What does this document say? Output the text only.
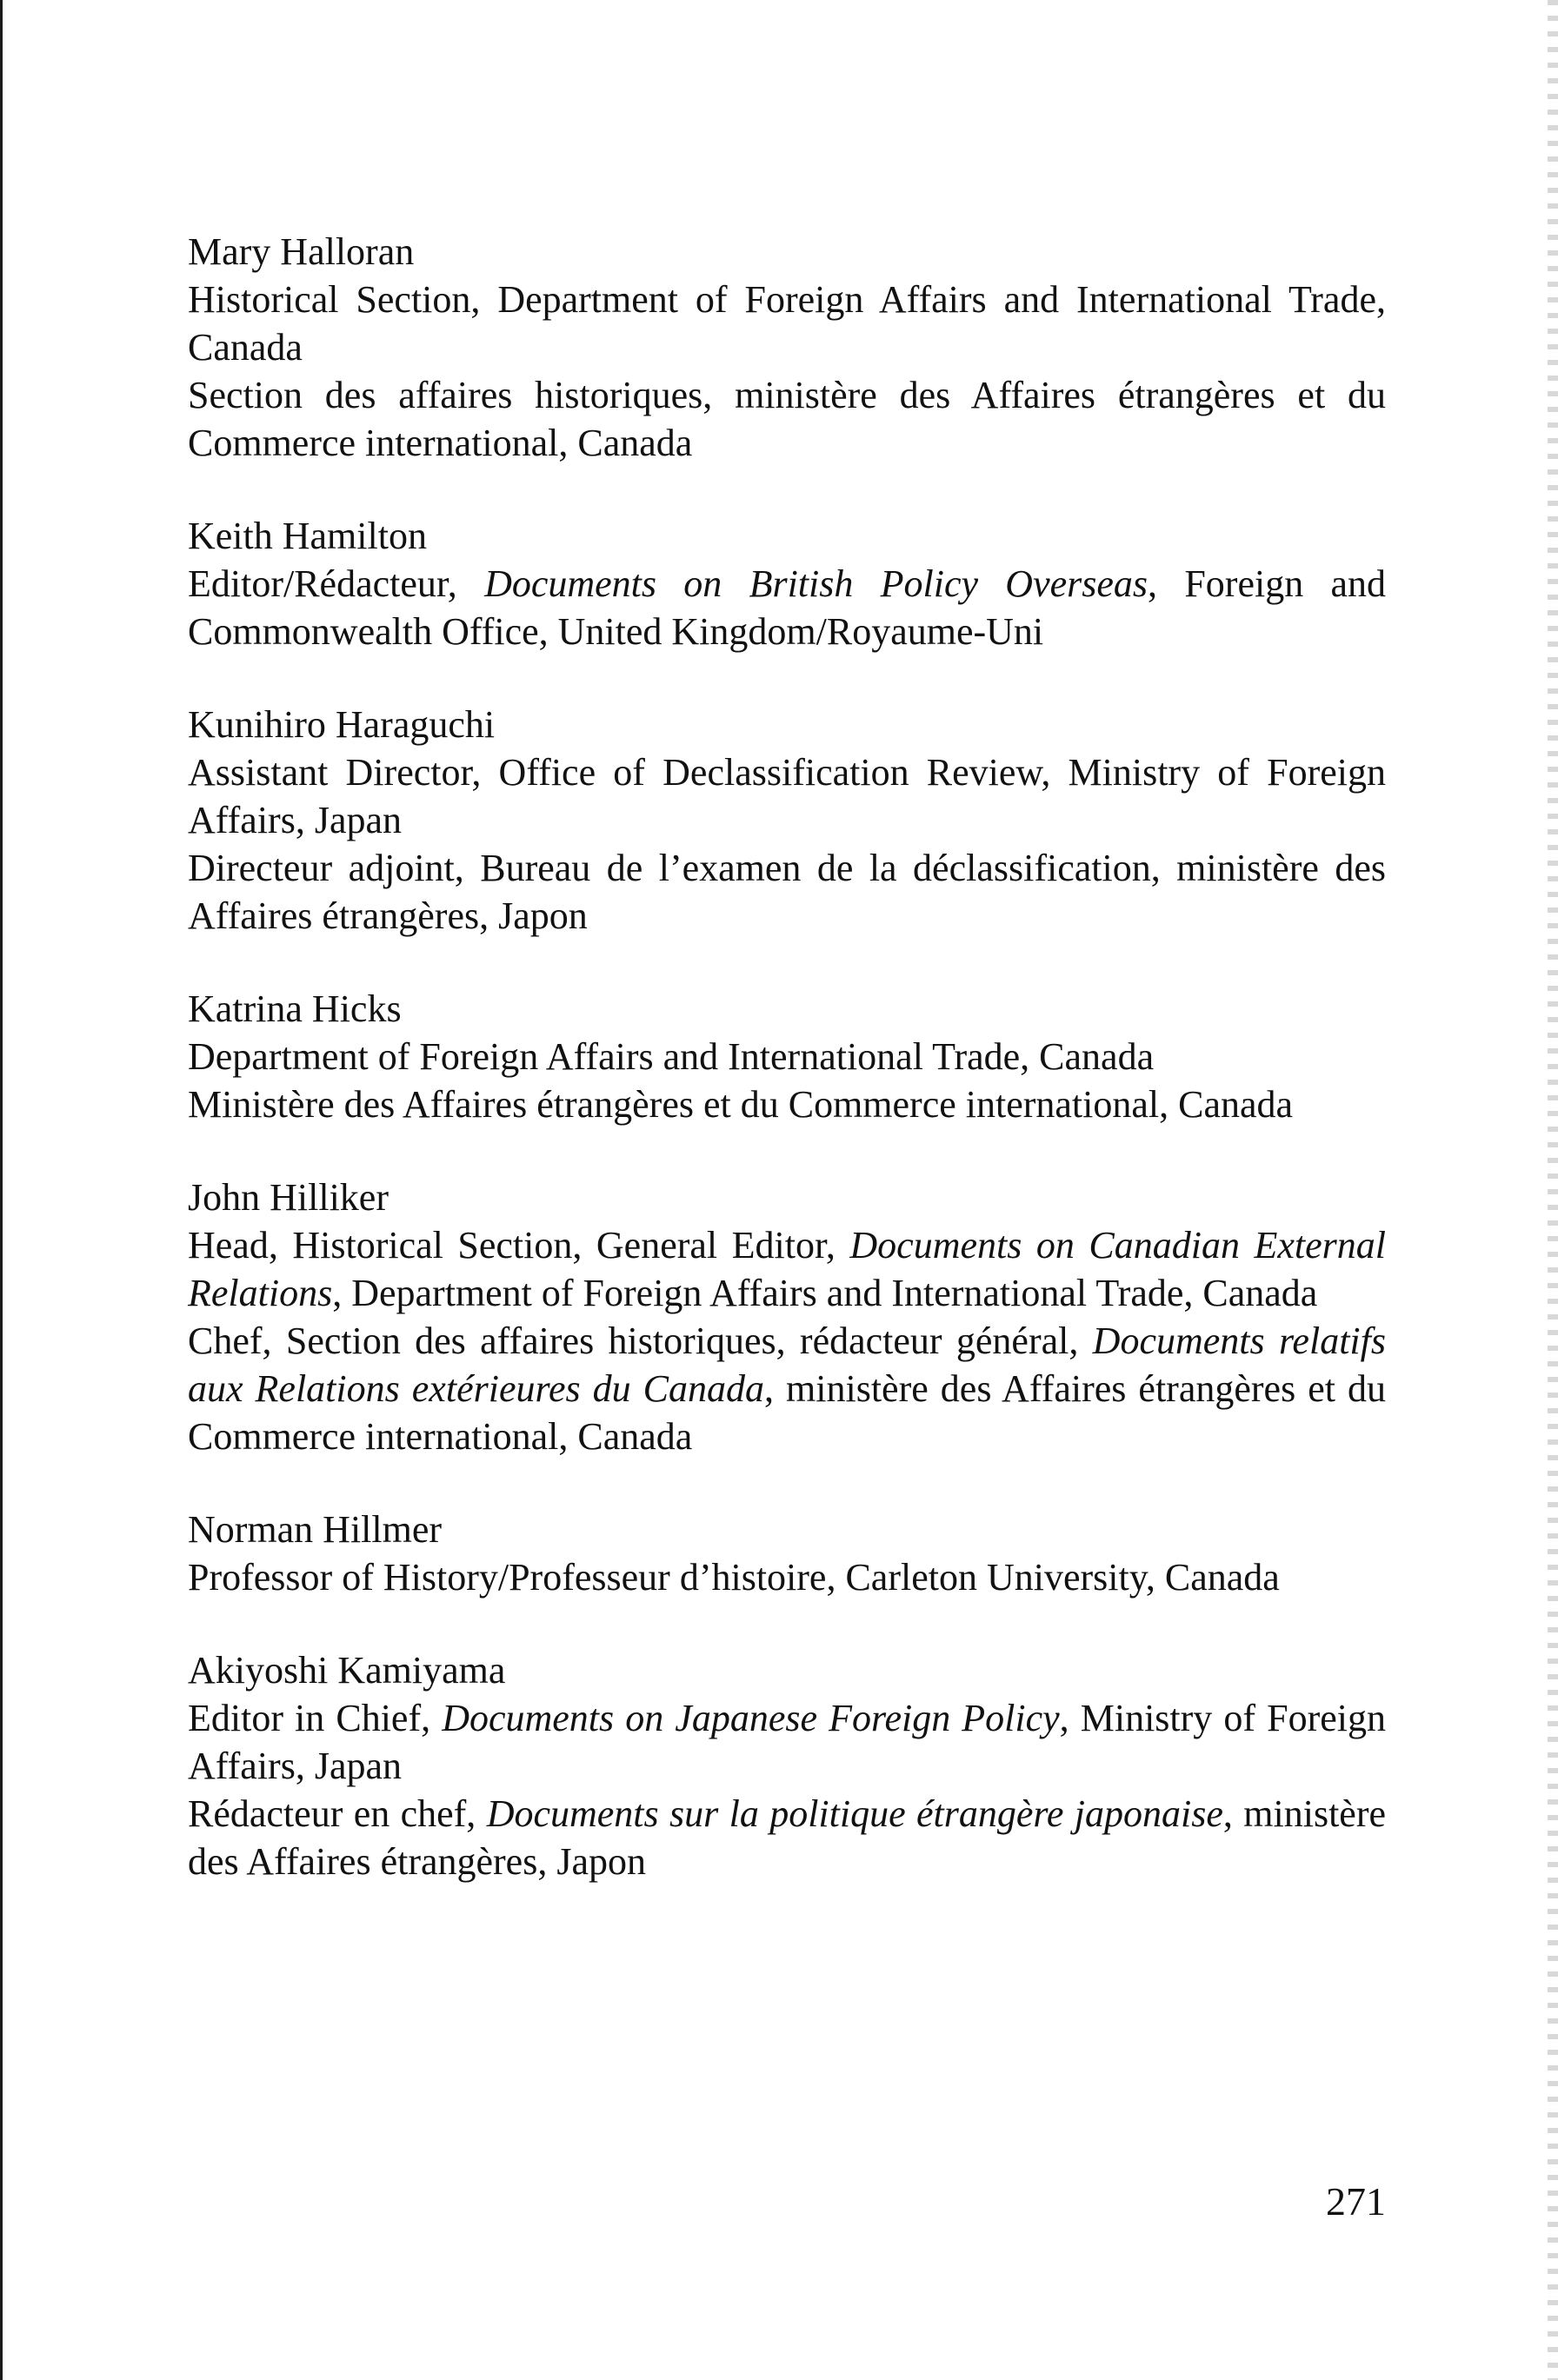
Mary Halloran

Historical Section, Department of Foreign Affairs and International Trade, Canada

Section des affaires historiques, ministère des Affaires étrangères et du Commerce international, Canada

Keith Hamilton

Editor/Rédacteur, Documents on British Policy Overseas, Foreign and Commonwealth Office, United Kingdom/Royaume-Uni

Kunihiro Haraguchi

Assistant Director, Office of Declassification Review, Ministry of Foreign Affairs, Japan

Directeur adjoint, Bureau de l’examen de la déclassification, ministère des Affaires étrangères, Japon

Katrina Hicks

Department of Foreign Affairs and International Trade, Canada

Ministère des Affaires étrangères et du Commerce international, Canada

John Hilliker

Head, Historical Section, General Editor, Documents on Canadian External Relations, Department of Foreign Affairs and International Trade, Canada

Chef, Section des affaires historiques, rédacteur général, Documents relatifs aux Relations extérieures du Canada, ministère des Affaires étrangères et du Commerce international, Canada

Norman Hillmer

Professor of History/Professeur d’histoire, Carleton University, Canada

Akiyoshi Kamiyama

Editor in Chief, Documents on Japanese Foreign Policy, Ministry of Foreign Affairs, Japan

Rédacteur en chef, Documents sur la politique étrangère japonaise, ministère des Affaires étrangères, Japon

271
